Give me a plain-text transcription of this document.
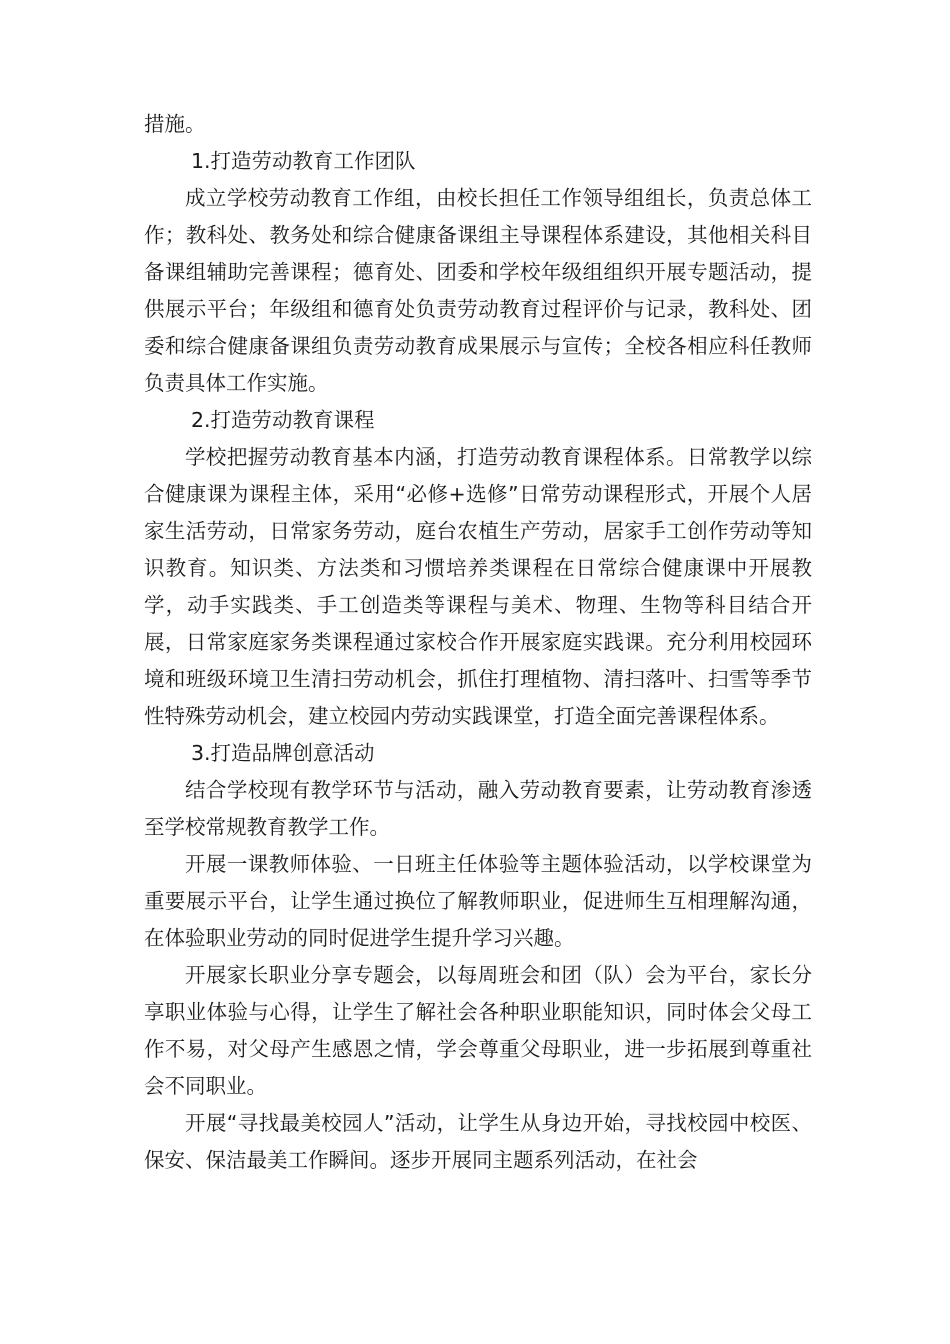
措施。

1.打造劳动教育工作团队

成立学校劳动教育工作组，由校长担任工作领导组组长，负责总体工作；教科处、教务处和综合健康备课组主导课程体系建设，其他相关科目备课组辅助完善课程；德育处、团委和学校年级组组织开展专题活动，提供展示平台；年级组和德育处负责劳动教育过程评价与记录，教科处、团委和综合健康备课组负责劳动教育成果展示与宣传；全校各相应科任教师负责具体工作实施。

2.打造劳动教育课程

学校把握劳动教育基本内涵，打造劳动教育课程体系。日常教学以综合健康课为课程主体，采用“必修+选修”日常劳动课程形式，开展个人居家生活劳动，日常家务劳动，庭台农植生产劳动，居家手工创作劳动等知识教育。知识类、方法类和习惯培养类课程在日常综合健康课中开展教学，动手实践类、手工创造类等课程与美术、物理、生物等科目结合开展，日常家庭家务类课程通过家校合作开展家庭实践课。充分利用校园环境和班级环境卫生清扫劳动机会，抓住打理植物、清扫落叶、扫雪等季节性特殊劳动机会，建立校园内劳动实践课堂，打造全面完善课程体系。

3.打造品牌创意活动

结合学校现有教学环节与活动，融入劳动教育要素，让劳动教育渗透至学校常规教育教学工作。

开展一课教师体验、一日班主任体验等主题体验活动，以学校课堂为重要展示平台，让学生通过换位了解教师职业，促进师生互相理解沟通，在体验职业劳动的同时促进学生提升学习兴趣。

开展家长职业分享专题会，以每周班会和团（队）会为平台，家长分享职业体验与心得，让学生了解社会各种职业职能知识，同时体会父母工作不易，对父母产生感恩之情，学会尊重父母职业，进一步拓展到尊重社会不同职业。

开展“寻找最美校园人”活动，让学生从身边开始，寻找校园中校医、保安、保洁最美工作瞬间。逐步开展同主题系列活动，在社会
